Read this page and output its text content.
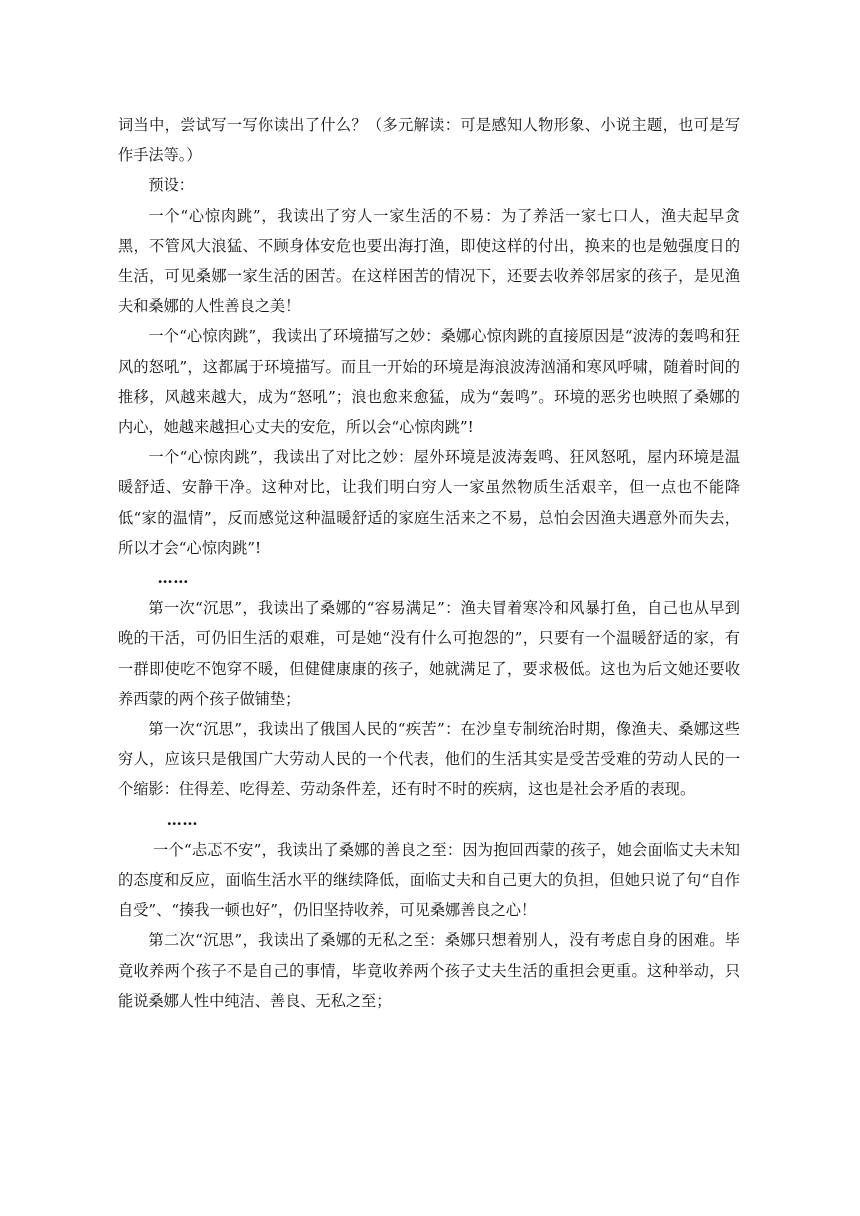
词当中，尝试写一写你读出了什么？（多元解读：可是感知人物形象、小说主题，也可是写作手法等。）

预设：

一个“心惊肉跳”，我读出了穷人一家生活的不易：为了养活一家七口人，渔夫起早贪黑，不管风大浪猛、不顾身体安危也要出海打渔，即使这样的付出，换来的也是勉强度日的生活，可见桑娜一家生活的困苦。在这样困苦的情况下，还要去收养邻居家的孩子，是见渔夫和桑娜的人性善良之美！

一个“心惊肉跳”，我读出了环境描写之妙：桑娜心惊肉跳的直接原因是“波涛的轰鸣和狂风的怒吼”，这都属于环境描写。而且一开始的环境是海浪波涛汹涌和寒风呼啸，随着时间的推移，风越来越大，成为“怒吼”；浪也愈来愈猛，成为“轰鸣”。环境的恶劣也映照了桑娜的内心，她越来越担心丈夫的安危，所以会“心惊肉跳”!

一个“心惊肉跳”，我读出了对比之妙：屋外环境是波涛轰鸣、狂风怒吼，屋内环境是温暖舒适、安静干净。这种对比，让我们明白穷人一家虽然物质生活艰辛，但一点也不能降低“家的温情”，反而感觉这种温暖舒适的家庭生活来之不易，总怕会因渔夫遇意外而失去，所以才会“心惊肉跳”!

……

第一次“沉思”，我读出了桑娜的“容易满足”：渔夫冒着寒冷和风暴打鱼，自己也从早到晚的干活，可仍旧生活的艰难，可是她“没有什么可抱怨的”，只要有一个温暖舒适的家，有一群即使吃不饱穿不暖，但健健康康的孩子，她就满足了，要求极低。这也为后文她还要收养西蒙的两个孩子做铺垫；

第一次“沉思”，我读出了俄国人民的“疾苦”：在沙皇专制统治时期，像渔夫、桑娜这些穷人，应该只是俄国广大劳动人民的一个代表，他们的生活其实是受苦受难的劳动人民的一个缩影：住得差、吃得差、劳动条件差，还有时不时的疾病，这也是社会矛盾的表现。

……

一个“忐忑不安”，我读出了桑娜的善良之至：因为抱回西蒙的孩子，她会面临丈夫未知的态度和反应，面临生活水平的继续降低，面临丈夫和自己更大的负担，但她只说了句“自作自受”、“揍我一顿也好”，仍旧坚持收养，可见桑娜善良之心！

第二次“沉思”，我读出了桑娜的无私之至：桑娜只想着别人，没有考虑自身的困难。毕竟收养两个孩子不是自己的事情，毕竟收养两个孩子丈夫生活的重担会更重。这种举动，只能说桑娜人性中纯洁、善良、无私之至；
